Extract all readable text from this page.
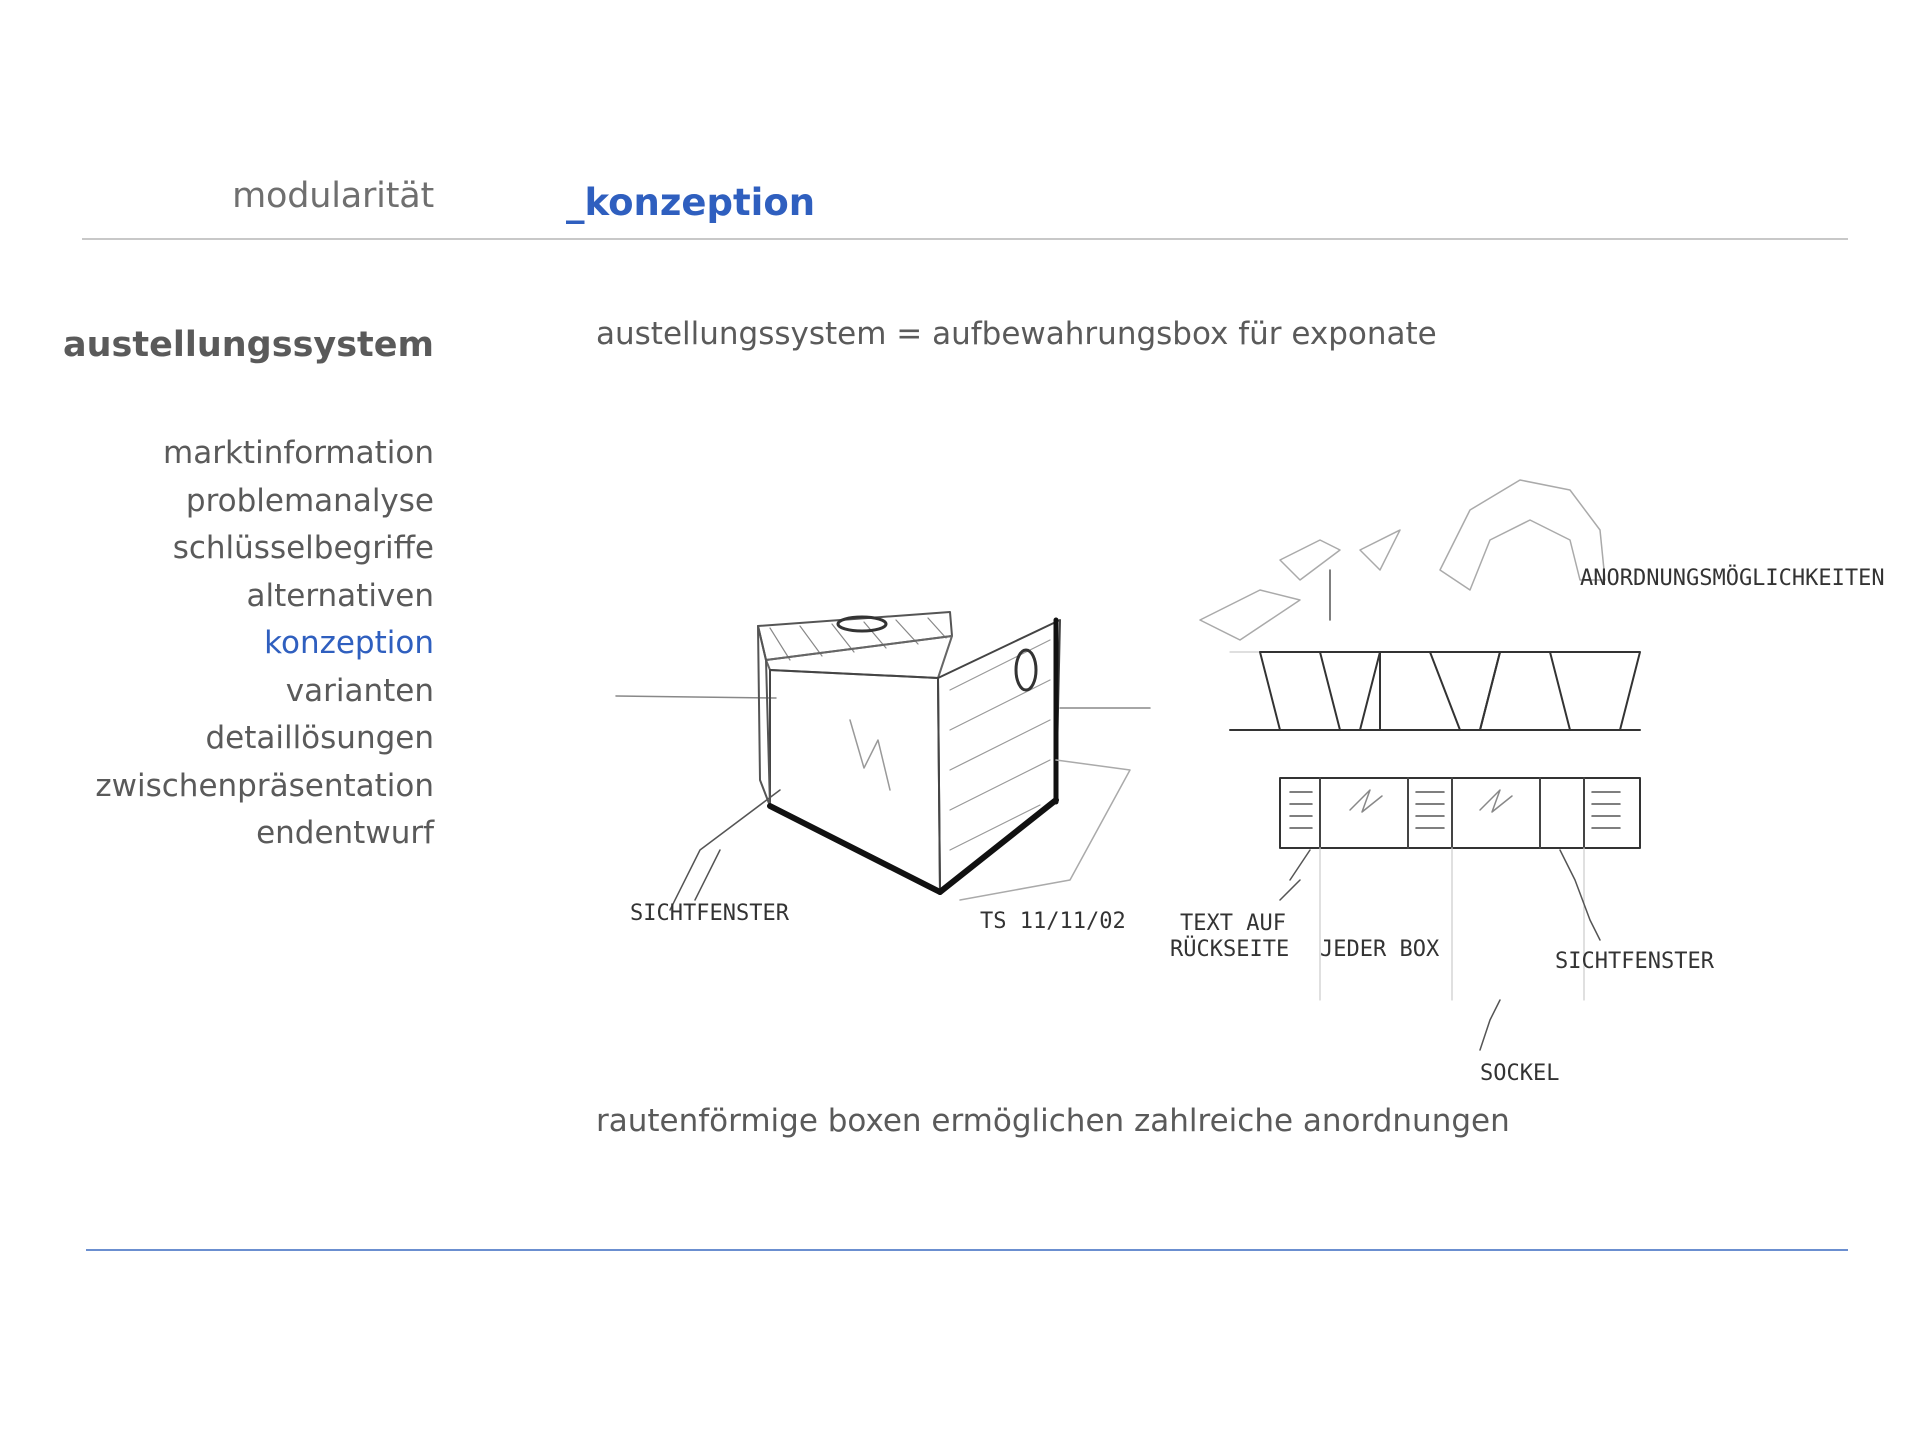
modularität	_konzeption
austellungssystem
marktinformation
problemanalyse
schlüsselbegriffe
alternativen
konzeption
varianten
detaillösungen
zwischenpräsentation
endentwurf
austellungssystem = aufbewahrungsbox für exponate
SICHTFENSTER	TS 11/11/02
ANORDNUNGSMÖGLICHKEITEN
TEXT AUF
RÜCKSEITE JEDER BOX	SICHTFENSTER
SOCKEL
rautenförmige boxen ermöglichen zahlreiche anordnungen
